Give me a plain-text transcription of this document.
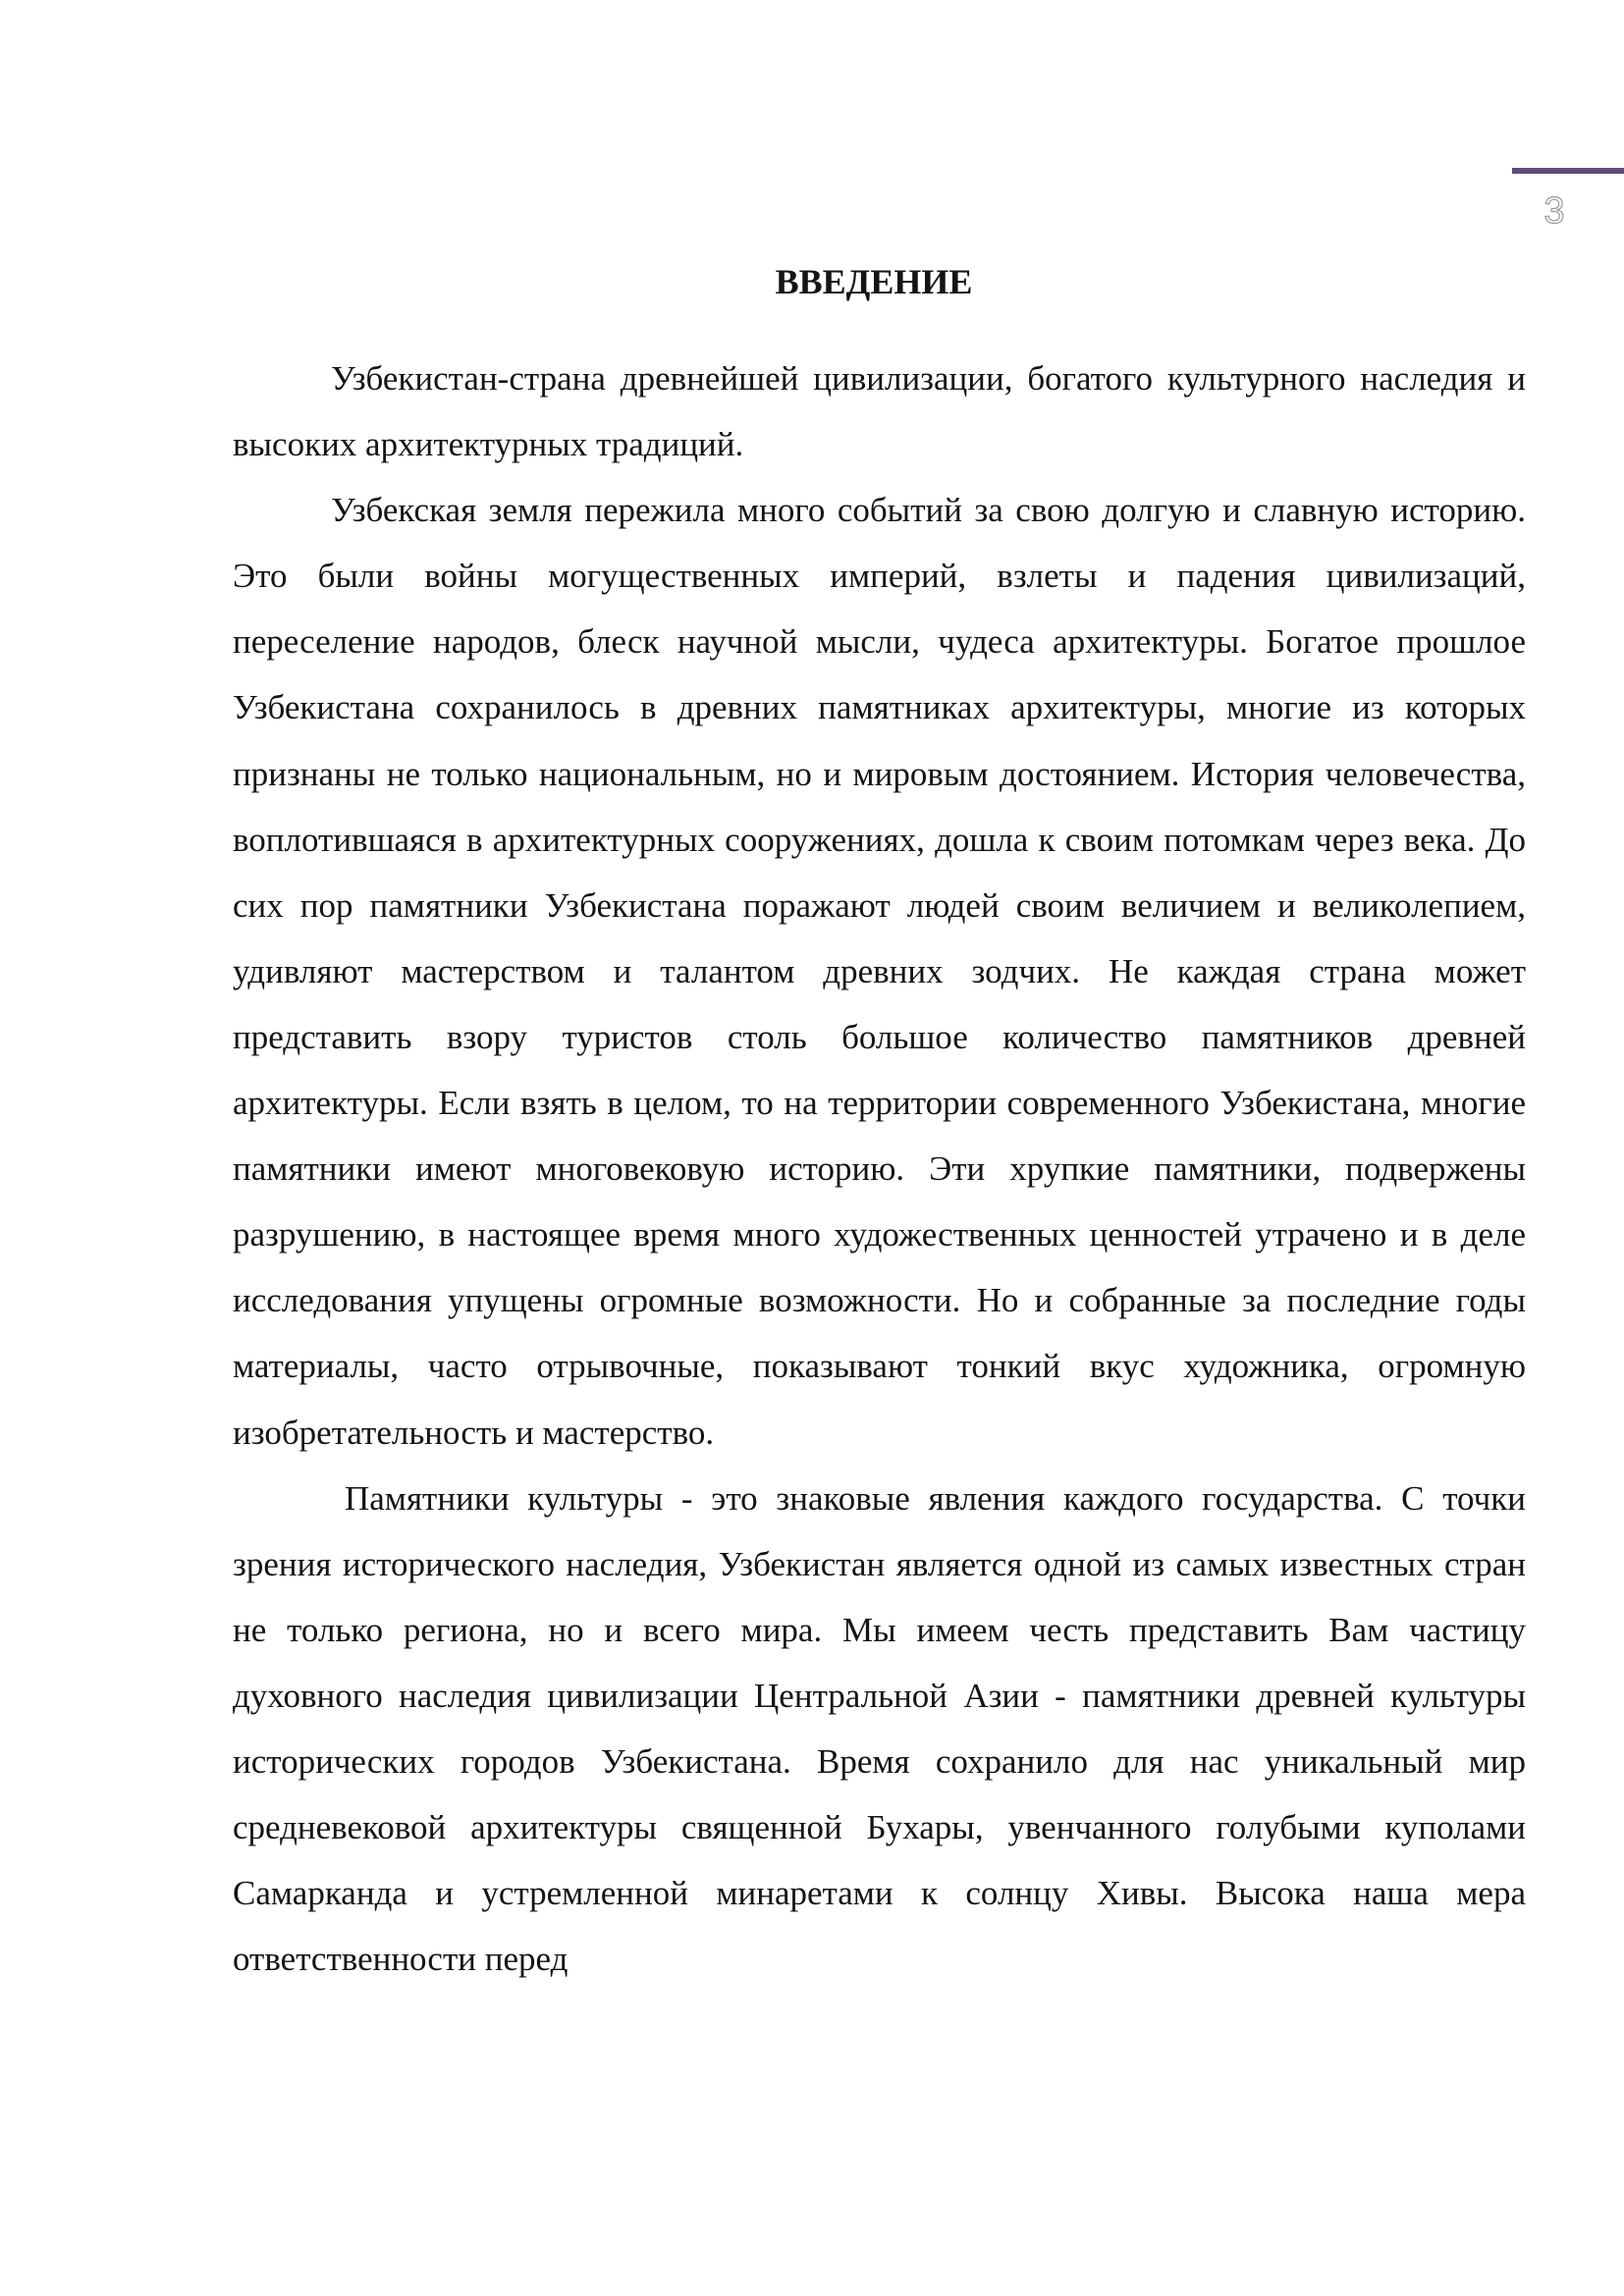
3
ВВЕДЕНИЕ

Узбекистан-страна древнейшей цивилизации, богатого культурного наследия и высоких архитектурных традиций.

Узбекская земля пережила много событий за свою долгую и славную историю. Это были войны могущественных империй, взлеты и падения цивилизаций, переселение народов, блеск научной мысли, чудеса архитектуры. Богатое прошлое Узбекистана сохранилось в древних памятниках архитектуры, многие из которых признаны не только национальным, но и мировым достоянием. История человечества, воплотившаяся в архитектурных сооружениях, дошла к своим потомкам через века. До сих пор памятники Узбекистана поражают людей своим величием и великолепием, удивляют мастерством и талантом древних зодчих. Не каждая страна может представить взору туристов столь большое количество памятников древней архитектуры. Если взять в целом, то на территории современного Узбекистана, многие памятники имеют многовековую историю. Эти хрупкие памятники, подвержены разрушению, в настоящее время много художественных ценностей утрачено и в деле исследования упущены огромные возможности. Но и собранные за последние годы материалы, часто отрывочные, показывают тонкий вкус художника, огромную изобретательность и мастерство.

Памятники культуры - это знаковые явления каждого государства. С точки зрения исторического наследия, Узбекистан является одной из самых известных стран не только региона, но и всего мира. Мы имеем честь представить Вам частицу духовного наследия цивилизации Центральной Азии - памятники древней культуры исторических городов Узбекистана. Время сохранило для нас уникальный мир средневековой архитектуры священной Бухары, увенчанного голубыми куполами Самарканда и устремленной минаретами к солнцу Хивы. Высока наша мера ответственности перед
